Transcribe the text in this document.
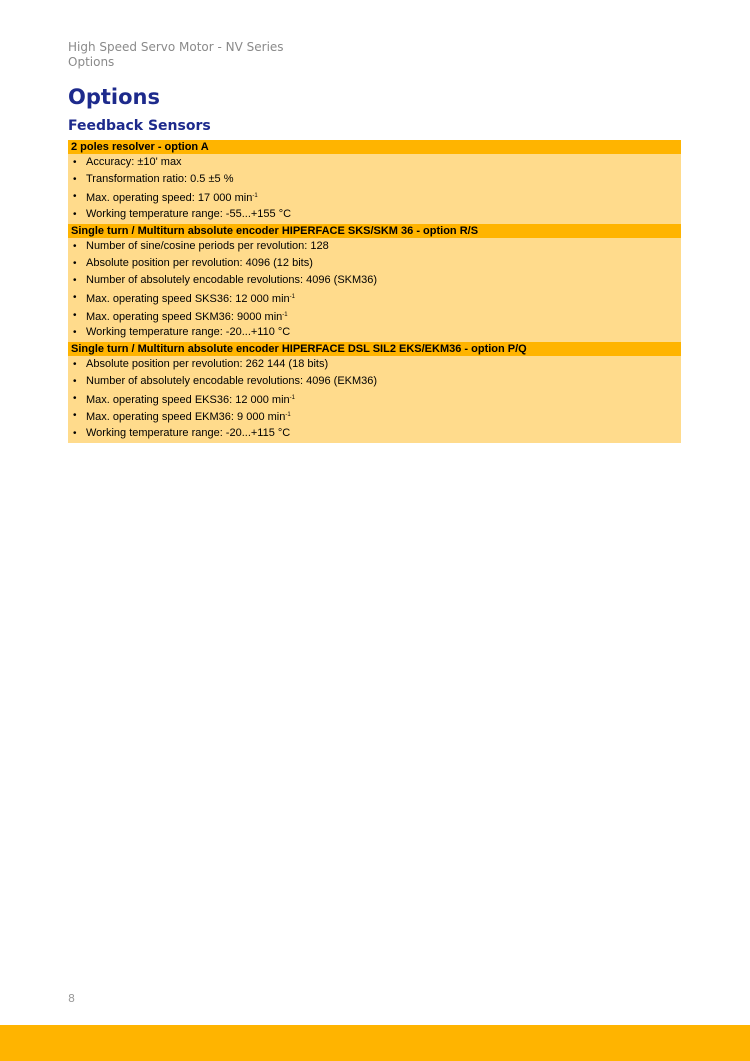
High Speed Servo Motor - NV Series
Options
Options
Feedback Sensors
2 poles resolver - option A
• Accuracy: ±10' max
• Transformation ratio: 0.5 ±5 %
• Max. operating speed: 17 000 $\min^{-1}$
• Working temperature range: -55...+155 °C
Single turn / Multiturn absolute encoder HIPERFACE SKS/SKM 36 - option R/S
• Number of sine/cosine periods per revolution: 128
• Absolute position per revolution: 4096 (12 bits)
• Number of absolutely encodable revolutions: 4096 (SKM36)
• Max. operating speed SKS36: 12 000 $\min^{-1}$
• Max. operating speed SKM36: 9000 $\min^{-1}$
• Working temperature range: -20...+110 °C
Single turn / Multiturn absolute encoder HIPERFACE DSL SIL2 EKS/EKM36 - option P/Q
• Absolute position per revolution: 262 144 (18 bits)
• Number of absolutely encodable revolutions: 4096 (EKM36)
• Max. operating speed EKS36: 12 000 $\min^{-1}$
• Max. operating speed EKM36: 9 000 $\min^{-1}$
• Working temperature range: -20...+115 °C
8
